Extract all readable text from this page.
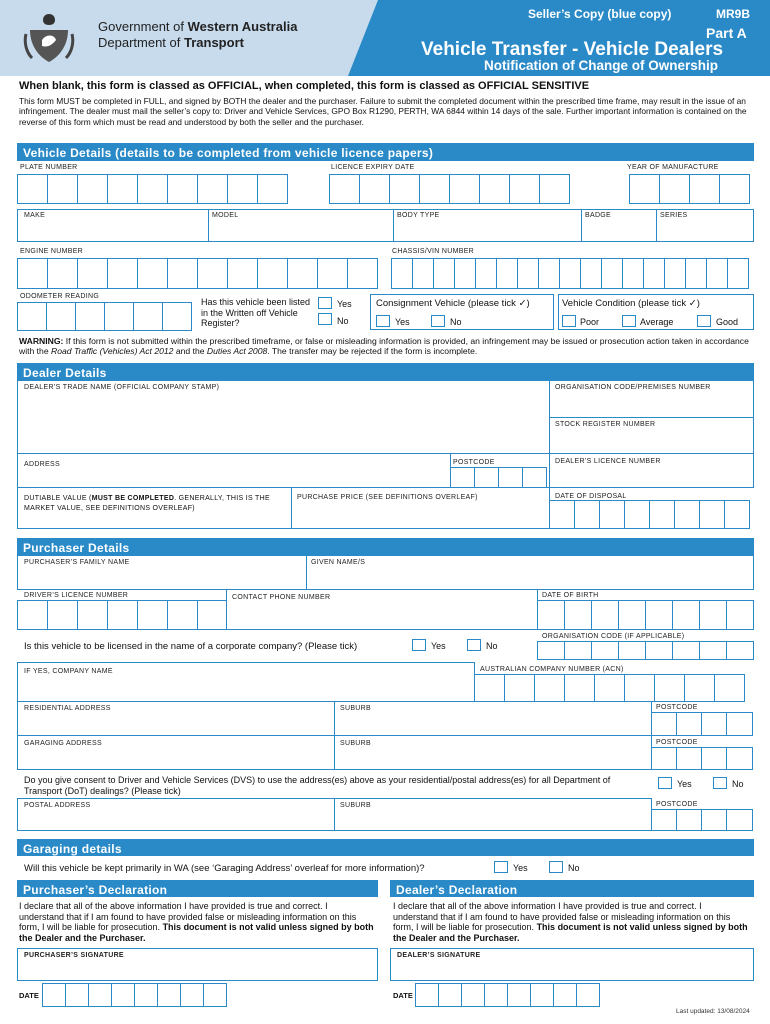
Government of Western Australia
Department of Transport
Seller’s Copy (blue copy)	MR9B
Part A
Vehicle Transfer - Vehicle Dealers
Notification of Change of Ownership
When blank, this form is classed as OFFICIAL, when completed, this form is classed as OFFICIAL SENSITIVE
This form MUST be completed in FULL, and signed by BOTH the dealer and the purchaser. Failure to submit the completed document within the prescribed time frame, may result in the issue of an infringement. The dealer must mail the seller’s copy to: Driver and Vehicle Services, GPO Box R1290, PERTH, WA 6844 within 14 days of the sale. Further important information is contained on the reverse of this form which must be read and understood by both the seller and the purchaser.
Vehicle Details (details to be completed from vehicle licence papers)
PLATE NUMBER	LICENCE EXPIRY DATE	YEAR OF MANUFACTURE
MAKE	MODEL	BODY TYPE	BADGE	SERIES
ENGINE NUMBER	CHASSIS/VIN NUMBER
ODOMETER READING
Has this vehicle been listed in the Written off Vehicle Register?
Yes
No
Consignment Vehicle (please tick ✓)
Yes	No
Vehicle Condition (please tick ✓)
Poor	Average	Good
WARNING: If this form is not submitted within the prescribed timeframe, or false or misleading information is provided, an infringement may be issued or prosecution action taken in accordance with the Road Traffic (Vehicles) Act 2012 and the Duties Act 2008. The transfer may be rejected if the form is incomplete.
Dealer Details
DEALER’S TRADE NAME (OFFICIAL COMPANY STAMP)	ORGANISATION CODE/PREMISES NUMBER
STOCK REGISTER NUMBER
ADDRESS	POSTCODE	DEALER’S LICENCE NUMBER
DUTIABLE VALUE (MUST BE COMPLETED. GENERALLY, THIS IS THE MARKET VALUE, SEE DEFINITIONS OVERLEAF)
PURCHASE PRICE (SEE DEFINITIONS OVERLEAF)	DATE OF DISPOSAL
Purchaser Details
PURCHASER’S FAMILY NAME	GIVEN NAME/S
DRIVER’S LICENCE NUMBER	CONTACT PHONE NUMBER	DATE OF BIRTH
Is this vehicle to be licensed in the name of a corporate company? (Please tick)	Yes	No
ORGANISATION CODE (IF APPLICABLE)
IF YES, COMPANY NAME	AUSTRALIAN COMPANY NUMBER (ACN)
RESIDENTIAL ADDRESS	SUBURB	POSTCODE
GARAGING ADDRESS	SUBURB	POSTCODE
Do you give consent to Driver and Vehicle Services (DVS) to use the address(es) above as your residential/postal address(es) for all Department of Transport (DoT) dealings? (Please tick)
Yes	No
POSTAL ADDRESS	SUBURB	POSTCODE
Garaging details
Will this vehicle be kept primarily in WA (see ‘Garaging Address’ overleaf for more information)?	Yes	No
Purchaser’s Declaration	Dealer’s Declaration
I declare that all of the above information I have provided is true and correct. I understand that if I am found to have provided false or misleading information on this form, I will be liable for prosecution. This document is not valid unless signed by both the Dealer and the Purchaser.
I declare that all of the above information I have provided is true and correct. I understand that if I am found to have provided false or misleading information on this form, I will be liable for prosecution. This document is not valid unless signed by both the Dealer and the Purchaser.
PURCHASER’S SIGNATURE	DEALER’S SIGNATURE
DATE	DATE
Last updated: 13/08/2024
